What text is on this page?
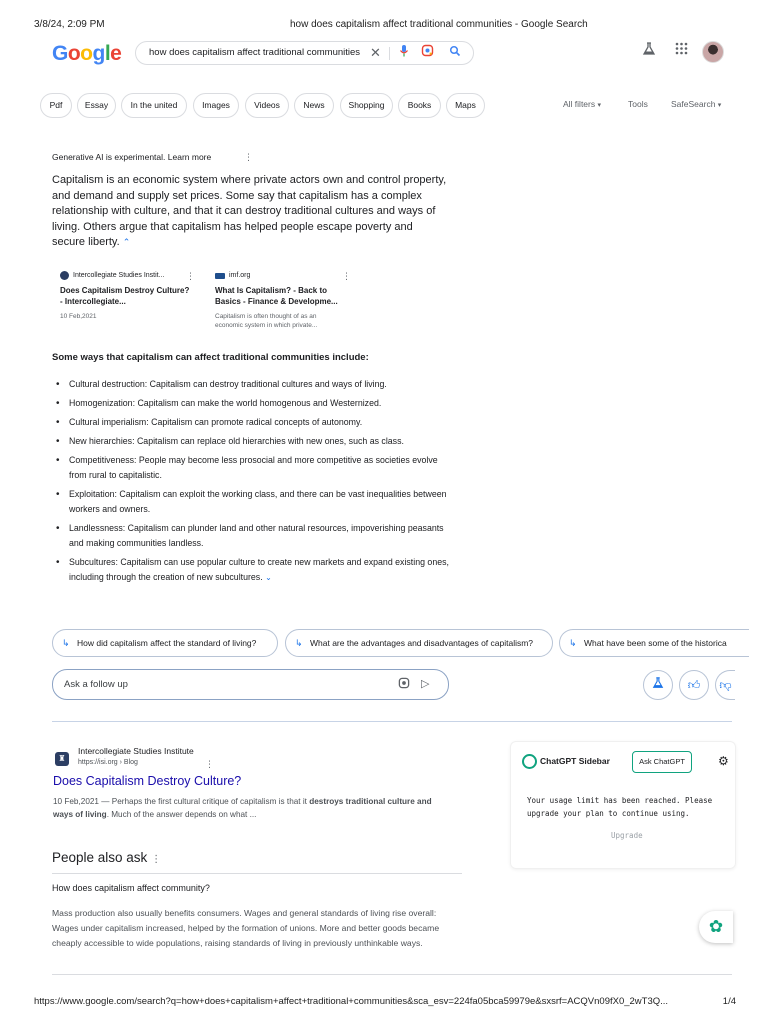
3/8/24, 2:09 PM	how does capitalism affect traditional communities - Google Search
Google	how does capitalism affect traditional communities ✕
Pdf	Essay	In the united	Images	Videos	News	Shopping	Books	Maps	All filters ▾	Tools	SafeSearch ▾
Generative AI is experimental. Learn more	⋮
Capitalism is an economic system where private actors own and control property, and demand and supply set prices. Some say that capitalism has a complex relationship with culture, and that it can destroy traditional cultures and ways of living. Others argue that capitalism has helped people escape poverty and secure liberty. ⌃
Intercollegiate Studies Instit...
Does Capitalism Destroy Culture? - Intercollegiate...
10 Feb,2021
⋮	imf.org
What Is Capitalism? - Back to Basics - Finance & Developme...
Capitalism is often thought of as an economic system in which private...
⋮
Some ways that capitalism can affect traditional communities include:
• Cultural destruction: Capitalism can destroy traditional cultures and ways of living.
• Homogenization: Capitalism can make the world homogenous and Westernized.
• Cultural imperialism: Capitalism can promote radical concepts of autonomy.
• New hierarchies: Capitalism can replace old hierarchies with new ones, such as class.
• Competitiveness: People may become less prosocial and more competitive as societies evolve from rural to capitalistic.
• Exploitation: Capitalism can exploit the working class, and there can be vast inequalities between workers and owners.
• Landlessness: Capitalism can plunder land and other natural resources, impoverishing peasants and making communities landless.
• Subcultures: Capitalism can use popular culture to create new markets and expand existing ones, including through the creation of new subcultures. ⌄
↳ How did capitalism affect the standard of living?	↳ What are the advantages and disadvantages of capitalism?	↳ What have been some of the historica
Ask a follow up	▷	👍︎	👎︎
♜
Intercollegiate Studies Institute
https://isi.org › Blog	⋮
Does Capitalism Destroy Culture?
10 Feb,2021 — Perhaps the first cultural critique of capitalism is that it destroys traditional culture and ways of living. Much of the answer depends on what ...
People also ask ⋮
How does capitalism affect community?
Mass production also usually benefits consumers. Wages and general standards of living rise overall: Wages under capitalism increased, helped by the formation of unions. More and better goods became cheaply accessible to wide populations, raising standards of living in previously unthinkable ways.
ChatGPT Sidebar	Ask ChatGPT	⚙
Your usage limit has been reached. Please upgrade your plan to continue using.
Upgrade
✿
https://www.google.com/search?q=how+does+capitalism+affect+traditional+communities&sca_esv=224fa05bca59979e&sxsrf=ACQVn09fX0_2wT3Q...	1/4
